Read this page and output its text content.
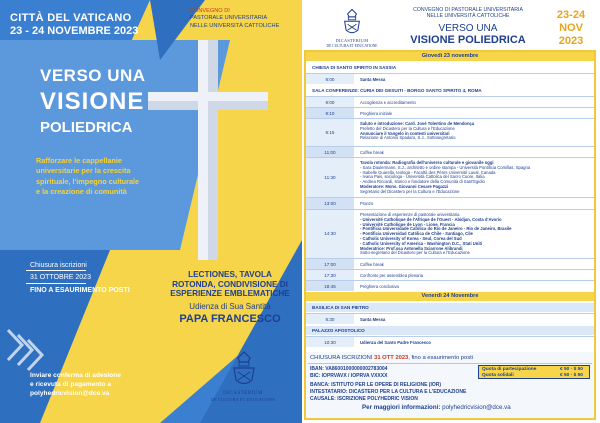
CITTÀ DEL VATICANO
23 - 24 NOVEMBRE 2023
CONVEGNO DI
PASTORALE UNIVERSITARIA
NELLE UNIVERSITÀ CATTOLICHE
VERSO UNA
VISIONE
POLIEDRICA
Rafforzare le cappellanie
universitarie per la crescita
spirituale, l'impegno culturale
e la creazione di comunità
Chiusura iscrizioni
31 OTTOBRE 2023
FINO A ESAURIMENTO POSTI
Inviare conferma di adesione
e ricevuta di pagamento a
polyhedricvision@dce.va
LECTIONES, TAVOLA
ROTONDA, CONDIVISIONE DI
ESPERIENZE EMBLEMATICHE
Udienza di Sua Santità
PAPA FRANCESCO
DICASTERIUM
DE CULTURA ET EDUCATIONE
DICASTERIUM
DE CULTURA ET EDUCATIONE
CONVEGNO DI PASTORALE UNIVERSITARIA
NELLE UNIVERSITÀ CATTOLICHE
VERSO UNA
VISIONE POLIEDRICA
23-24
NOV
2023
Giovedì 23 novembre
CHIESA DI SANTO SPIRITO IN SASSIA
8:00	Santa Messa
SALA CONFERENZE: CURIA DEI GESUITI - BORGO SANTO SPIRITO 4, ROMA
9:00	Accoglienza e accreditamento
9:10	Preghiera iniziale
9:15
Saluto e introduzione: Card. José Tolentino de Mendonça
Prefetto del Dicastero per la Cultura e l'Educazione
Annunciare il Vangelo in contesti universitari
Relazione di Antonio Spadaro, S.J., Sottosegretario
11:00	Coffee break
11:30
Tavola rotonda: Radiografia dell'universo culturale e giovanile oggi
- Sara Daulermann, S.J., architetto e ordine stampa - Università Pontificia Comillas, Spagna
- Isabelle Guarella, teologa - Facoltà des Pères Université Laval, Canada
- Ivana Pais, sociologa - Università Cattolica del Sacro Cuore, Italia
- Andrea Riccardi, storico e fondatore della Comunità di Sant'Egidio
Moderatore: Mons. Giovanni Cesare Pagazzi
Segretario del Dicastero per la Cultura e l'Educazione
13:00	Pranzo
14:30
Presentazione di esperienze di pastorale universitaria
- Université Catholique de l'Afrique de l'Ouest - Abidjan, Costa d'Avorio
- Université Catholique de Lyon - Lione, Francia
- Pontifícia Universidade Católica do Rio de Janeiro - Rio de Janeiro, Brasile
- Pontificia Universidad Católica de Chile - Santiago, Cile
- Catholic University of Korea - Seul, Corea del Sud
- Catholic University of America - Washington D.C., Stati Uniti
Moderatrice: Prof.ssa Antonella Sciarrone Alibrandi
Sotto-segretario del Dicastero per la Cultura e l'Educazione
17:00	Coffee break
17:30	Confronto per assemblea plenaria
18:45	Preghiera conclusiva
Venerdì 24 Novembre
BASILICA DI SAN PIETRO
8:30	Santa Messa
PALAZZO APOSTOLICO
10:30	Udienza del Santo Padre Francesco
CHIUSURA ISCRIZIONI 31 OTT 2023, fino a esaurimento posti
IBAN: VA86001000000002783004
BIC: IOPRVAVX / IOPRVA VXXXX
BANCA: ISTITUTO PER LE OPERE DI RELIGIONE (IOR)
INTESTATARIO: DICASTERO PER LA CULTURA E L'EDUCAZIONE
CAUSALE: ISCRIZIONE POLYHEDRIC VISION
Quota di partecipazione	€ 50 · $ 50
Quota solidali	€ 50 · $ 50
Per maggiori informazioni: polyhedricvision@dce.va
